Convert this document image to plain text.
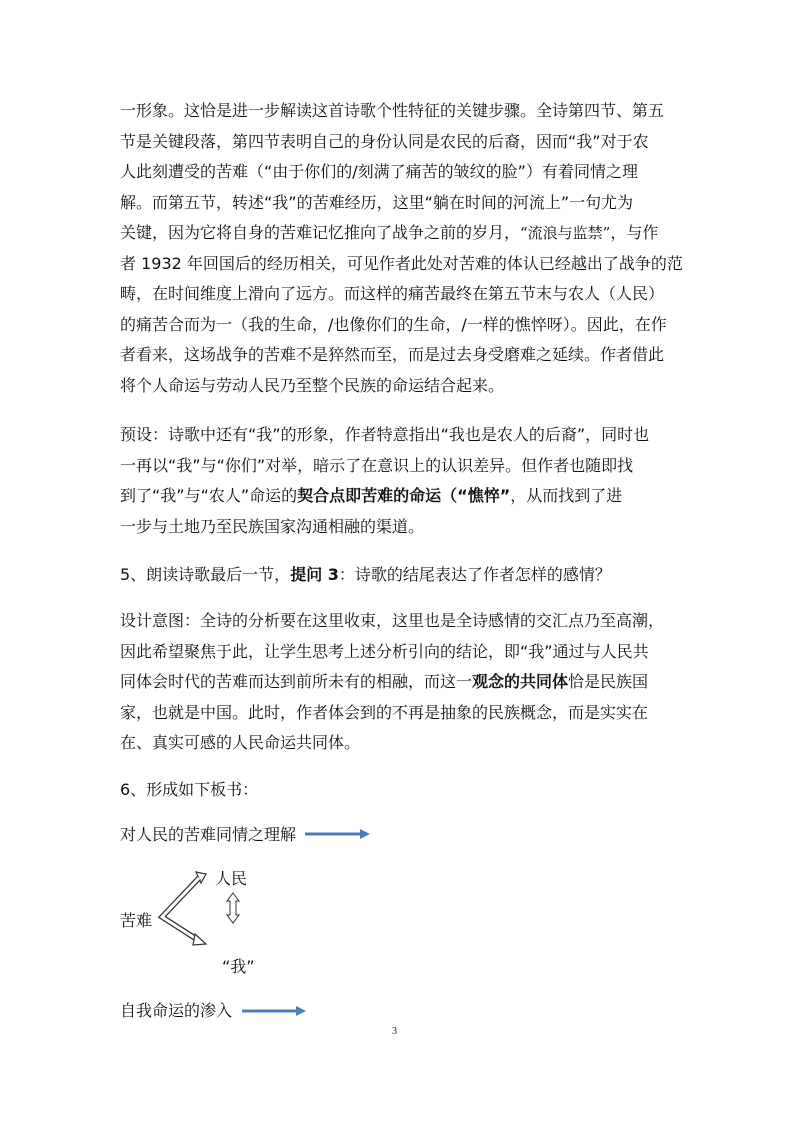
一形象。这恰是进一步解读这首诗歌个性特征的关键步骤。全诗第四节、第五
节是关键段落，第四节表明自己的身份认同是农民的后裔，因而“我”对于农
人此刻遭受的苦难（“由于你们的/刻满了痛苦的皱纹的脸”）有着同情之理
解。而第五节，转述“我”的苦难经历，这里“躺在时间的河流上”一句尤为
关键，因为它将自身的苦难记忆推向了战争之前的岁月，“流浪与监禁”，与作
者 1932 年回国后的经历相关，可见作者此处对苦难的体认已经越出了战争的范
畴，在时间维度上滑向了远方。而这样的痛苦最终在第五节末与农人（人民）
的痛苦合而为一（我的生命，/也像你们的生命，/一样的憔悴呀）。因此，在作
者看来，这场战争的苦难不是猝然而至，而是过去身受磨难之延续。作者借此
将个人命运与劳动人民乃至整个民族的命运结合起来。
预设：诗歌中还有“我”的形象，作者特意指出“我也是农人的后裔”，同时也
一再以“我”与“你们”对举，暗示了在意识上的认识差异。但作者也随即找
到了“我”与“农人”命运的契合点即苦难的命运（“憔悴”，从而找到了进
一步与土地乃至民族国家沟通相融的渠道。
5、朗读诗歌最后一节，提问 3：诗歌的结尾表达了作者怎样的感情？
设计意图：全诗的分析要在这里收束，这里也是全诗感情的交汇点乃至高潮，
因此希望聚焦于此，让学生思考上述分析引向的结论，即“我”通过与人民共
同体会时代的苦难而达到前所未有的相融，而这一观念的共同体恰是民族国
家，也就是中国。此时，作者体会到的不再是抽象的民族概念，而是实实在
在、真实可感的人民命运共同体。
6、形成如下板书：
对人民的苦难同情之理解
人民
苦难
“我”
自我命运的渗入
3
